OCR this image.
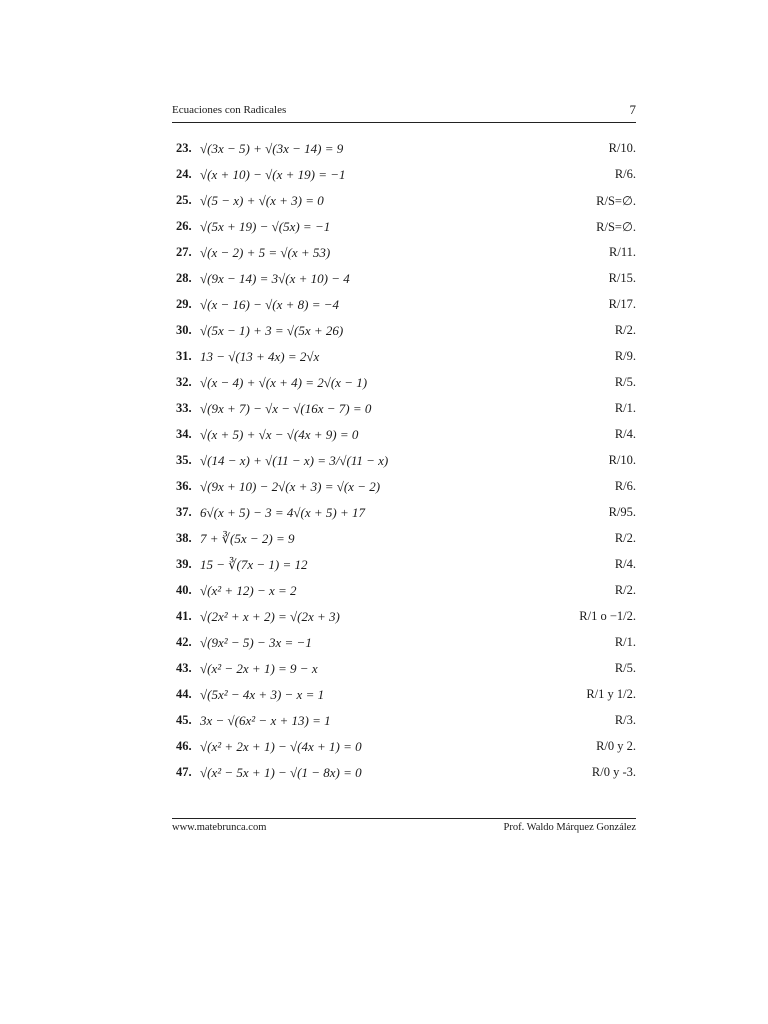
Ecuaciones con Radicales	7
23. √(3x − 5) + √(3x − 14) = 9	R/10.
24. √(x + 10) − √(x + 19) = −1	R/6.
25. √(5 − x) + √(x + 3) = 0	R/S=∅.
26. √(5x + 19) − √(5x) = −1	R/S=∅.
27. √(x − 2) + 5 = √(x + 53)	R/11.
28. √(9x − 14) = 3√(x + 10) − 4	R/15.
29. √(x − 16) − √(x + 8) = −4	R/17.
30. √(5x − 1) + 3 = √(5x + 26)	R/2.
31. 13 − √(13 + 4x) = 2√x	R/9.
32. √(x − 4) + √(x + 4) = 2√(x − 1)	R/5.
33. √(9x + 7) − √x − √(16x − 7) = 0	R/1.
34. √(x + 5) + √x − √(4x + 9) = 0	R/4.
35. √(14 − x) + √(11 − x) = 3/√(11 − x)	R/10.
36. √(9x + 10) − 2√(x + 3) = √(x − 2)	R/6.
37. 6√(x + 5) − 3 = 4√(x + 5) + 17	R/95.
38. 7 + ∛(5x − 2) = 9	R/2.
39. 15 − ∛(7x − 1) = 12	R/4.
40. √(x² + 12) − x = 2	R/2.
41. √(2x² + x + 2) = √(2x + 3)	R/1 o −1/2.
42. √(9x² − 5) − 3x = −1	R/1.
43. √(x² − 2x + 1) = 9 − x	R/5.
44. √(5x² − 4x + 3) − x = 1	R/1 y 1/2.
45. 3x − √(6x² − x + 13) = 1	R/3.
46. √(x² + 2x + 1) − √(4x + 1) = 0	R/0 y 2.
47. √(x² − 5x + 1) − √(1 − 8x) = 0	R/0 y -3.
www.matebrunca.com	Prof. Waldo Márquez González
